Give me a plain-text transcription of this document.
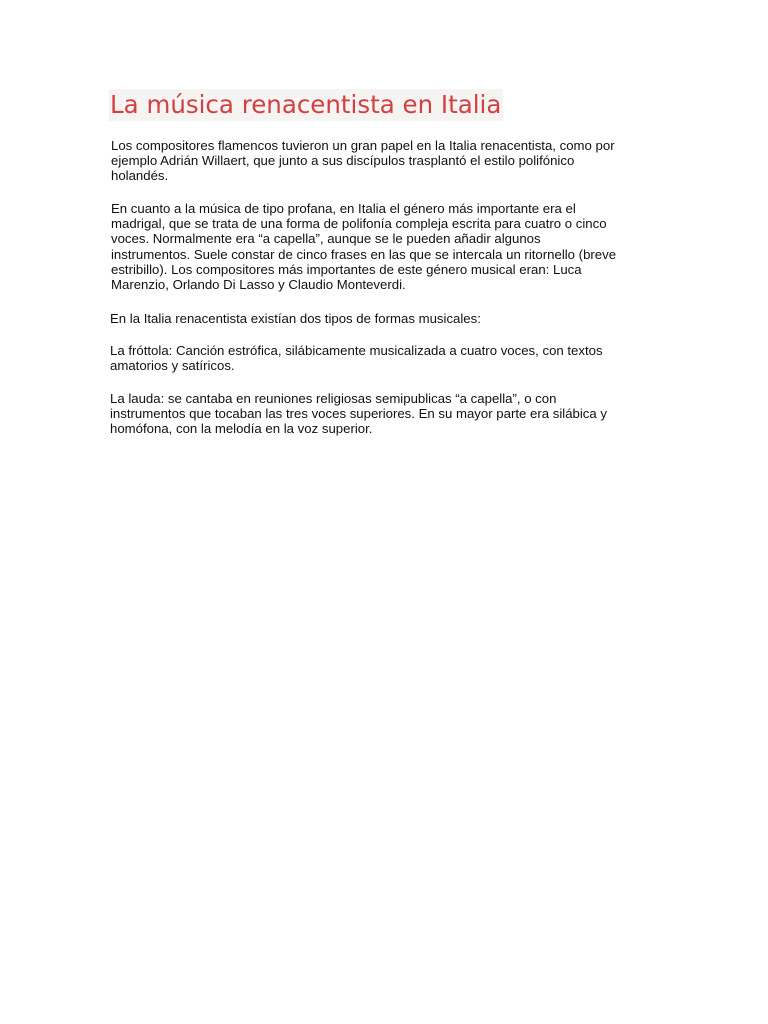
La música renacentista en Italia

Los compositores flamencos tuvieron un gran papel en la Italia renacentista, como por
ejemplo Adrián Willaert, que junto a sus discípulos trasplantó el estilo polifónico
holandés.

En cuanto a la música de tipo profana, en Italia el género más importante era el
madrigal, que se trata de una forma de polifonía compleja escrita para cuatro o cinco
voces. Normalmente era “a capella”, aunque se le pueden añadir algunos
instrumentos. Suele constar de cinco frases en las que se intercala un ritornello (breve
estribillo). Los compositores más importantes de este género musical eran: Luca
Marenzio, Orlando Di Lasso y Claudio Monteverdi.

En la Italia renacentista existían dos tipos de formas musicales:

La fróttola: Canción estrófica, silábicamente musicalizada a cuatro voces, con textos
amatorios y satíricos.

La lauda: se cantaba en reuniones religiosas semipublicas “a capella”, o con
instrumentos que tocaban las tres voces superiores. En su mayor parte era silábica y
homófona, con la melodía en la voz superior.
